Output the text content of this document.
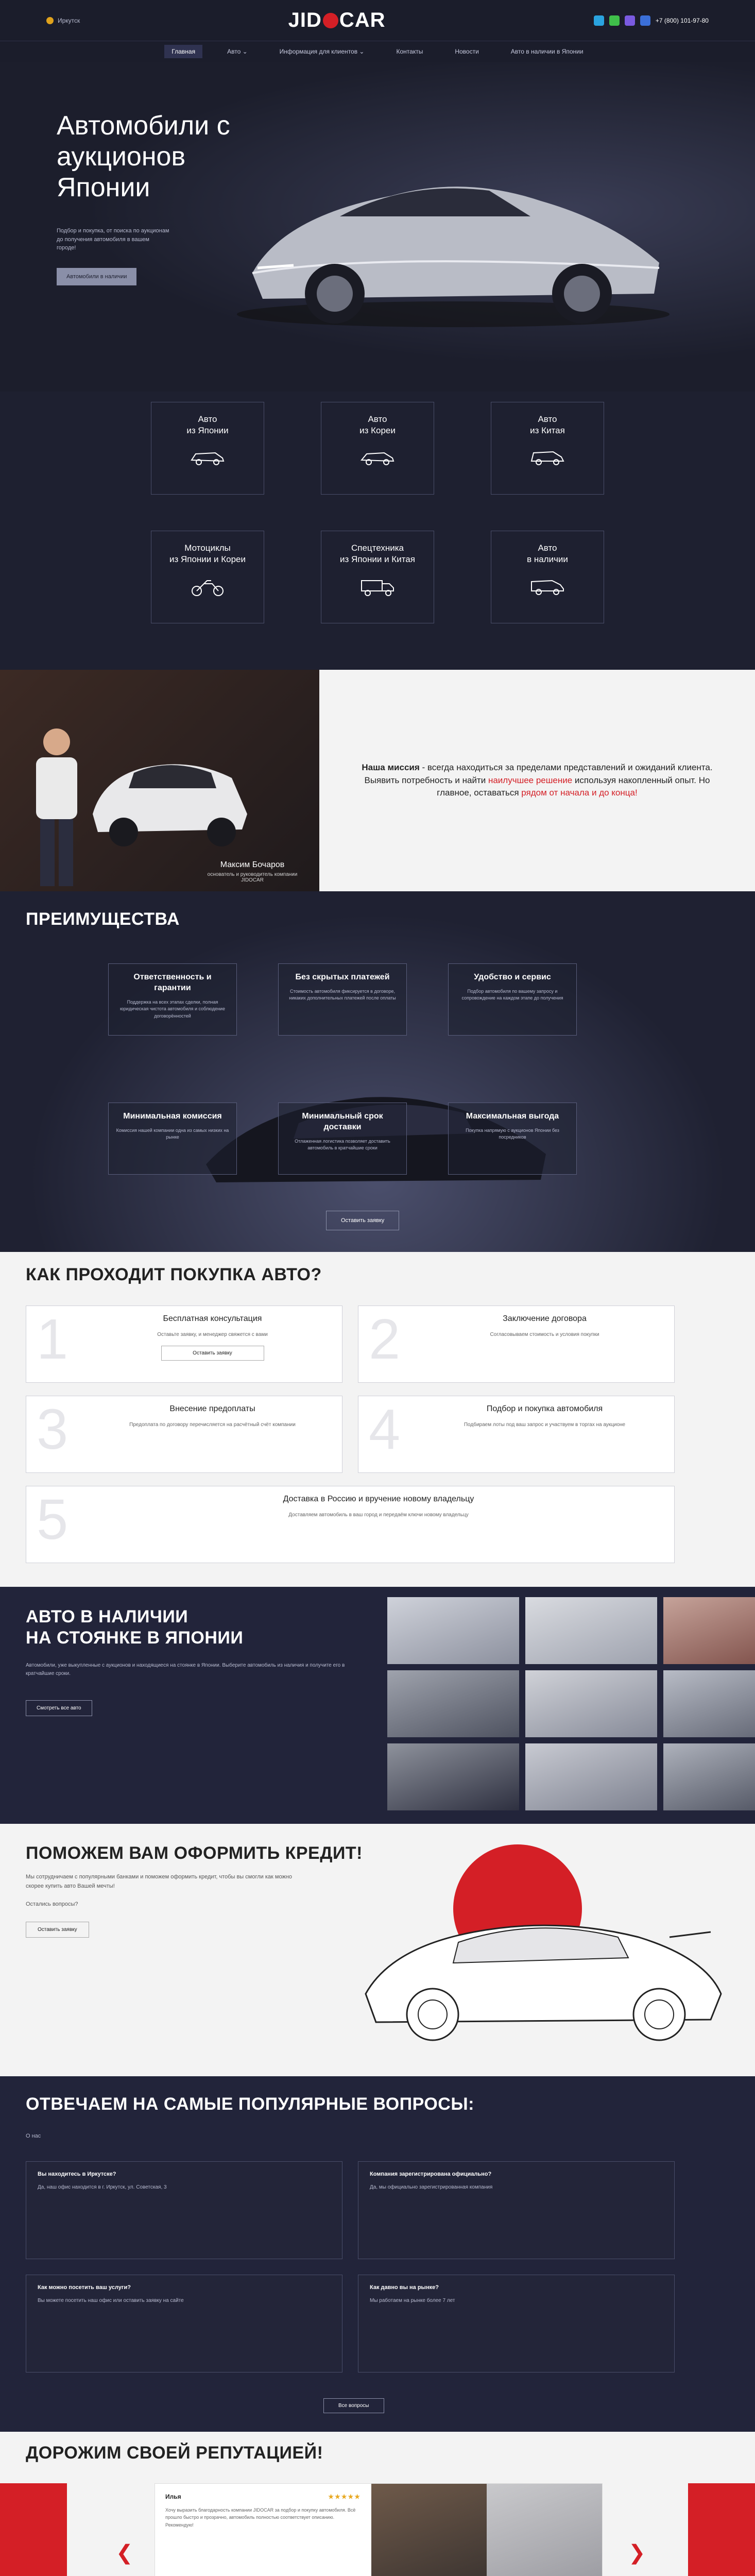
Иркутск	JID CAR	+7 (800) 101-97-80
Главная	Авто ⌄	Информация для клиентов ⌄	Контакты	Новости	Авто в наличии в Японии
Автомобили с аукционов Японии

Подбор и покупка, от поиска по аукционам до получения автомобиля в вашем городе!

Автомобили в наличии
Авто
из Японии
Авто
из Кореи
Авто
из Китая
Мотоциклы
из Японии и Кореи
Спецтехника
из Японии и Китая
Авто
в наличии
Максим Бочаров
основатель и руководитель компании JIDOCAR

Наша миссия - всегда находиться за пределами представлений и ожиданий клиента. Выявить потребность и найти наилучшее решение используя накопленный опыт. Но главное, оставаться рядом от начала и до конца!

ПРЕИМУЩЕСТВА
Ответственность и гарантии
Поддержка на всех этапах сделки, полная юридическая чистота автомобиля и соблюдение договорённостей
Без скрытых платежей
Стоимость автомобиля фиксируется в договоре, никаких дополнительных платежей после оплаты
Удобство и сервис
Подбор автомобиля по вашему запросу и сопровождение на каждом этапе до получения
Минимальная комиссия
Комиссия нашей компании одна из самых низких на рынке
Минимальный срок доставки
Отлаженная логистика позволяет доставить автомобиль в кратчайшие сроки
Максимальная выгода
Покупка напрямую с аукционов Японии без посредников
Оставить заявку
КАК ПРОХОДИТ ПОКУПКА АВТО?
1	Бесплатная консультация
Оставьте заявку, и менеджер свяжется с вами
Оставить заявку	2	Заключение договора
Согласовываем стоимость и условия покупки
3	Внесение предоплаты
Предоплата по договору перечисляется на расчётный счёт компании	4	Подбор и покупка автомобиля
Подбираем лоты под ваш запрос и участвуем в торгах на аукционе
5	Доставка в Россию и вручение новому владельцу
Доставляем автомобиль в ваш город и передаём ключи новому владельцу
АВТО В НАЛИЧИИ
НА СТОЯНКЕ В ЯПОНИИ

Автомобили, уже выкупленные с аукционов и находящиеся на стоянке в Японии. Выберите автомобиль из наличия и получите его в кратчайшие сроки.

Смотреть все авто
ПОМОЖЕМ ВАМ ОФОРМИТЬ КРЕДИТ!

Мы сотрудничаем с популярными банками и поможем оформить кредит, чтобы вы смогли как можно скорее купить авто Вашей мечты!

Остались вопросы?
Оставить заявку
ОТВЕЧАЕМ НА САМЫЕ ПОПУЛЯРНЫЕ ВОПРОСЫ:
О нас
Вы находитесь в Иркутске?
Да, наш офис находится в г. Иркутск, ул. Советская, 3
Компания зарегистрирована официально?
Да, мы официально зарегистрированная компания
Как можно посетить ваш услуги?
Вы можете посетить наш офис или оставить заявку на сайте
Как давно вы на рынке?
Мы работаем на рынке более 7 лет
Все вопросы
ДОРОЖИМ СВОЕЙ РЕПУТАЦИЕЙ!
❮	❯
Илья	★★★★★
Хочу выразить благодарность компании JIDOCAR за подбор и покупку автомобиля. Всё прошло быстро и прозрачно, автомобиль полностью соответствует описанию. Рекомендую!
